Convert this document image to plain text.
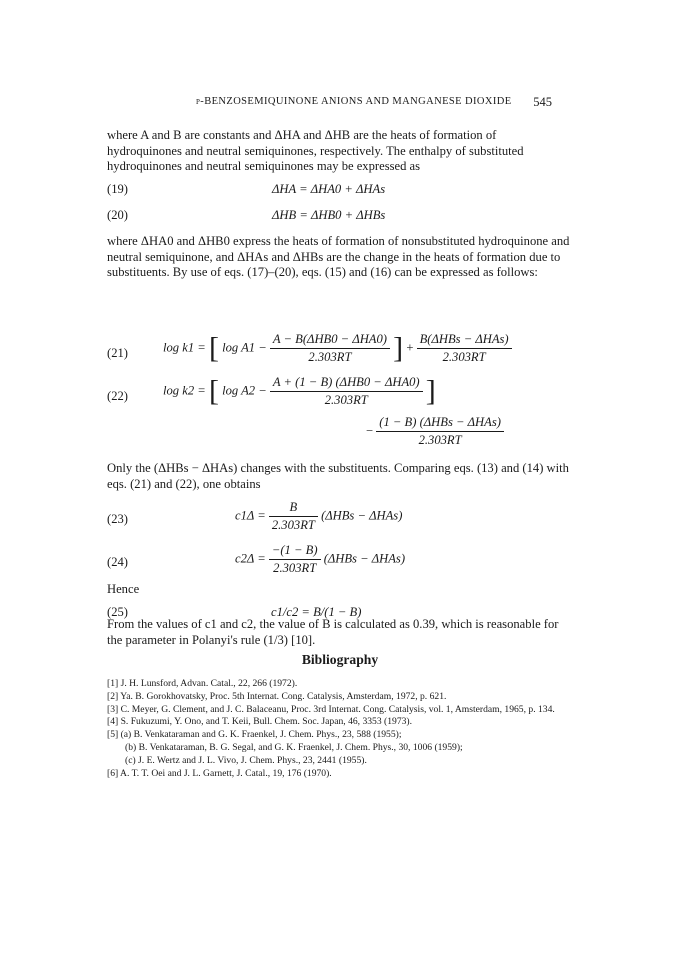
p-BENZOSEMIQUINONE ANIONS AND MANGANESE DIOXIDE 545
where A and B are constants and ΔHA and ΔHB are the heats of formation of hydroquinones and neutral semiquinones, respectively. The enthalpy of substituted hydroquinones and neutral semiquinones may be expressed as
(19)	ΔHA = ΔHA0 + ΔHAs
(20)	ΔHB = ΔHB0 + ΔHBs
where ΔHA0 and ΔHB0 express the heats of formation of nonsubstituted hydroquinone and neutral semiquinone, and ΔHAs and ΔHBs are the change in the heats of formation due to substituents. By use of eqs. (17)–(20), eqs. (15) and (16) can be expressed as follows:
(21)	log k1 = [ $\log A1 - \frac{\text{A − B(ΔHB0 − ΔHA0)}}{2.303RT}$ ] + $\frac{\text{B(ΔHBs − ΔHAs)}}{2.303RT}$
(22)	log k2 = [ $\log A2 - \frac{\text{A + (1 − B) (ΔHB0 − ΔHA0)}}{2.303RT}$ ]
− $\frac{\text{(1 − B) (ΔHBs − ΔHAs)}}{2.303RT}$
Only the (ΔHBs − ΔHAs) changes with the substituents. Comparing eqs. (13) and (14) with eqs. (21) and (22), one obtains
(23)	$c1\Delta = \frac{B}{2.303RT} (\Delta HBs - \Delta HAs)$
(24)	$c2\Delta = \frac{-(1 - B)}{2.303RT} (\Delta HBs - \Delta HAs)$
Hence
(25)	c1/c2 = B/(1 − B)
From the values of c1 and c2, the value of B is calculated as 0.39, which is reasonable for the parameter in Polanyi's rule (1/3) [10].
Bibliography
[1] J. H. Lunsford, Advan. Catal., 22, 266 (1972).
[2] Ya. B. Gorokhovatsky, Proc. 5th Internat. Cong. Catalysis, Amsterdam, 1972, p. 621.
[3] C. Meyer, G. Clement, and J. C. Balaceanu, Proc. 3rd Internat. Cong. Catalysis, vol. 1, Amsterdam, 1965, p. 134.
[4] S. Fukuzumi, Y. Ono, and T. Keii, Bull. Chem. Soc. Japan, 46, 3353 (1973).
[5] (a) B. Venkataraman and G. K. Fraenkel, J. Chem. Phys., 23, 588 (1955);
(b) B. Venkataraman, B. G. Segal, and G. K. Fraenkel, J. Chem. Phys., 30, 1006 (1959);
(c) J. E. Wertz and J. L. Vivo, J. Chem. Phys., 23, 2441 (1955).
[6] A. T. T. Oei and J. L. Garnett, J. Catal., 19, 176 (1970).
